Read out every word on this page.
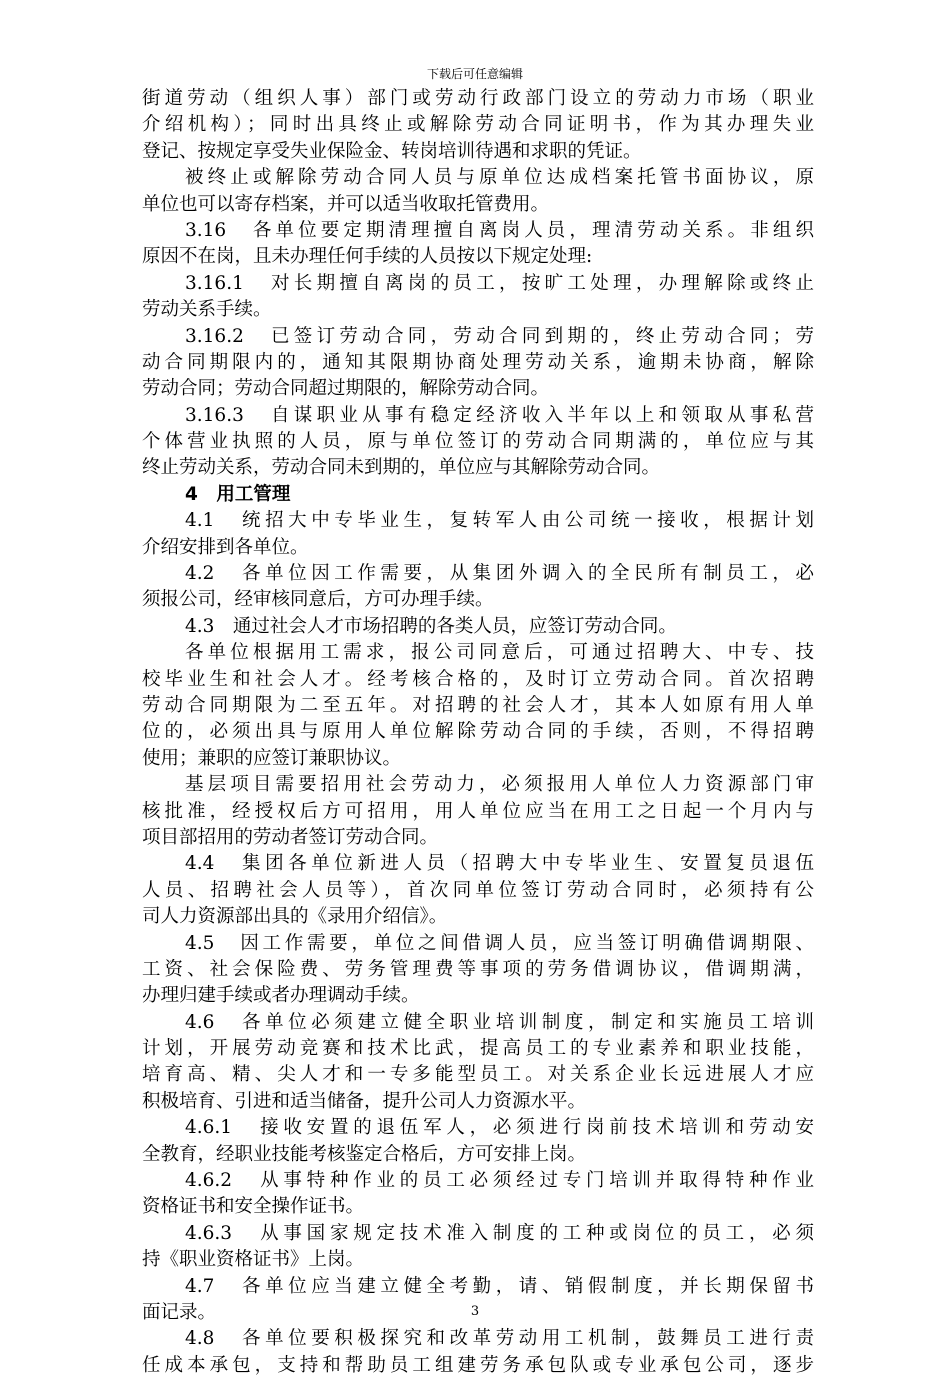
下载后可任意编辑
街道劳动（组织人事）部门或劳动行政部门设立的劳动力市场（职业
介绍机构）；同时出具终止或解除劳动合同证明书，作为其办理失业
登记、按规定享受失业保险金、转岗培训待遇和求职的凭证。
被终止或解除劳动合同人员与原单位达成档案托管书面协议，原
单位也可以寄存档案，并可以适当收取托管费用。
3.16　各单位要定期清理擅自离岗人员，理清劳动关系。非组织
原因不在岗，且未办理任何手续的人员按以下规定处理:
3.16.1　对长期擅自离岗的员工，按旷工处理，办理解除或终止
劳动关系手续。
3.16.2　已签订劳动合同，劳动合同到期的，终止劳动合同；劳
动合同期限内的，通知其限期协商处理劳动关系，逾期未协商，解除
劳动合同；劳动合同超过期限的，解除劳动合同。
3.16.3　自谋职业从事有稳定经济收入半年以上和领取从事私营
个体营业执照的人员，原与单位签订的劳动合同期满的，单位应与其
终止劳动关系，劳动合同未到期的，单位应与其解除劳动合同。
4　用工管理
4.1　统招大中专毕业生，复转军人由公司统一接收，根据计划
介绍安排到各单位。
4.2　各单位因工作需要，从集团外调入的全民所有制员工，必
须报公司，经审核同意后，方可办理手续。
4.3　通过社会人才市场招聘的各类人员，应签订劳动合同。
各单位根据用工需求，报公司同意后，可通过招聘大、中专、技
校毕业生和社会人才。经考核合格的，及时订立劳动合同。首次招聘
劳动合同期限为二至五年。对招聘的社会人才，其本人如原有用人单
位的，必须出具与原用人单位解除劳动合同的手续，否则，不得招聘
使用；兼职的应签订兼职协议。
基层项目需要招用社会劳动力，必须报用人单位人力资源部门审
核批准，经授权后方可招用，用人单位应当在用工之日起一个月内与
项目部招用的劳动者签订劳动合同。
4.4　集团各单位新进人员（招聘大中专毕业生、安置复员退伍
人员、招聘社会人员等），首次同单位签订劳动合同时，必须持有公
司人力资源部出具的《录用介绍信》。
4.5　因工作需要，单位之间借调人员，应当签订明确借调期限、
工资、社会保险费、劳务管理费等事项的劳务借调协议，借调期满，
办理归建手续或者办理调动手续。
4.6　各单位必须建立健全职业培训制度，制定和实施员工培训
计划，开展劳动竞赛和技术比武，提高员工的专业素养和职业技能，
培育高、精、尖人才和一专多能型员工。对关系企业长远进展人才应
积极培育、引进和适当储备，提升公司人力资源水平。
4.6.1　接收安置的退伍军人，必须进行岗前技术培训和劳动安
全教育，经职业技能考核鉴定合格后，方可安排上岗。
4.6.2　从事特种作业的员工必须经过专门培训并取得特种作业
资格证书和安全操作证书。
4.6.3　从事国家规定技术准入制度的工种或岗位的员工，必须
持《职业资格证书》上岗。
4.7　各单位应当建立健全考勤，请、销假制度，并长期保留书
面记录。
4.8　各单位要积极探究和改革劳动用工机制，鼓舞员工进行责
任成本承包，支持和帮助员工组建劳务承包队或专业承包公司，逐步
3
